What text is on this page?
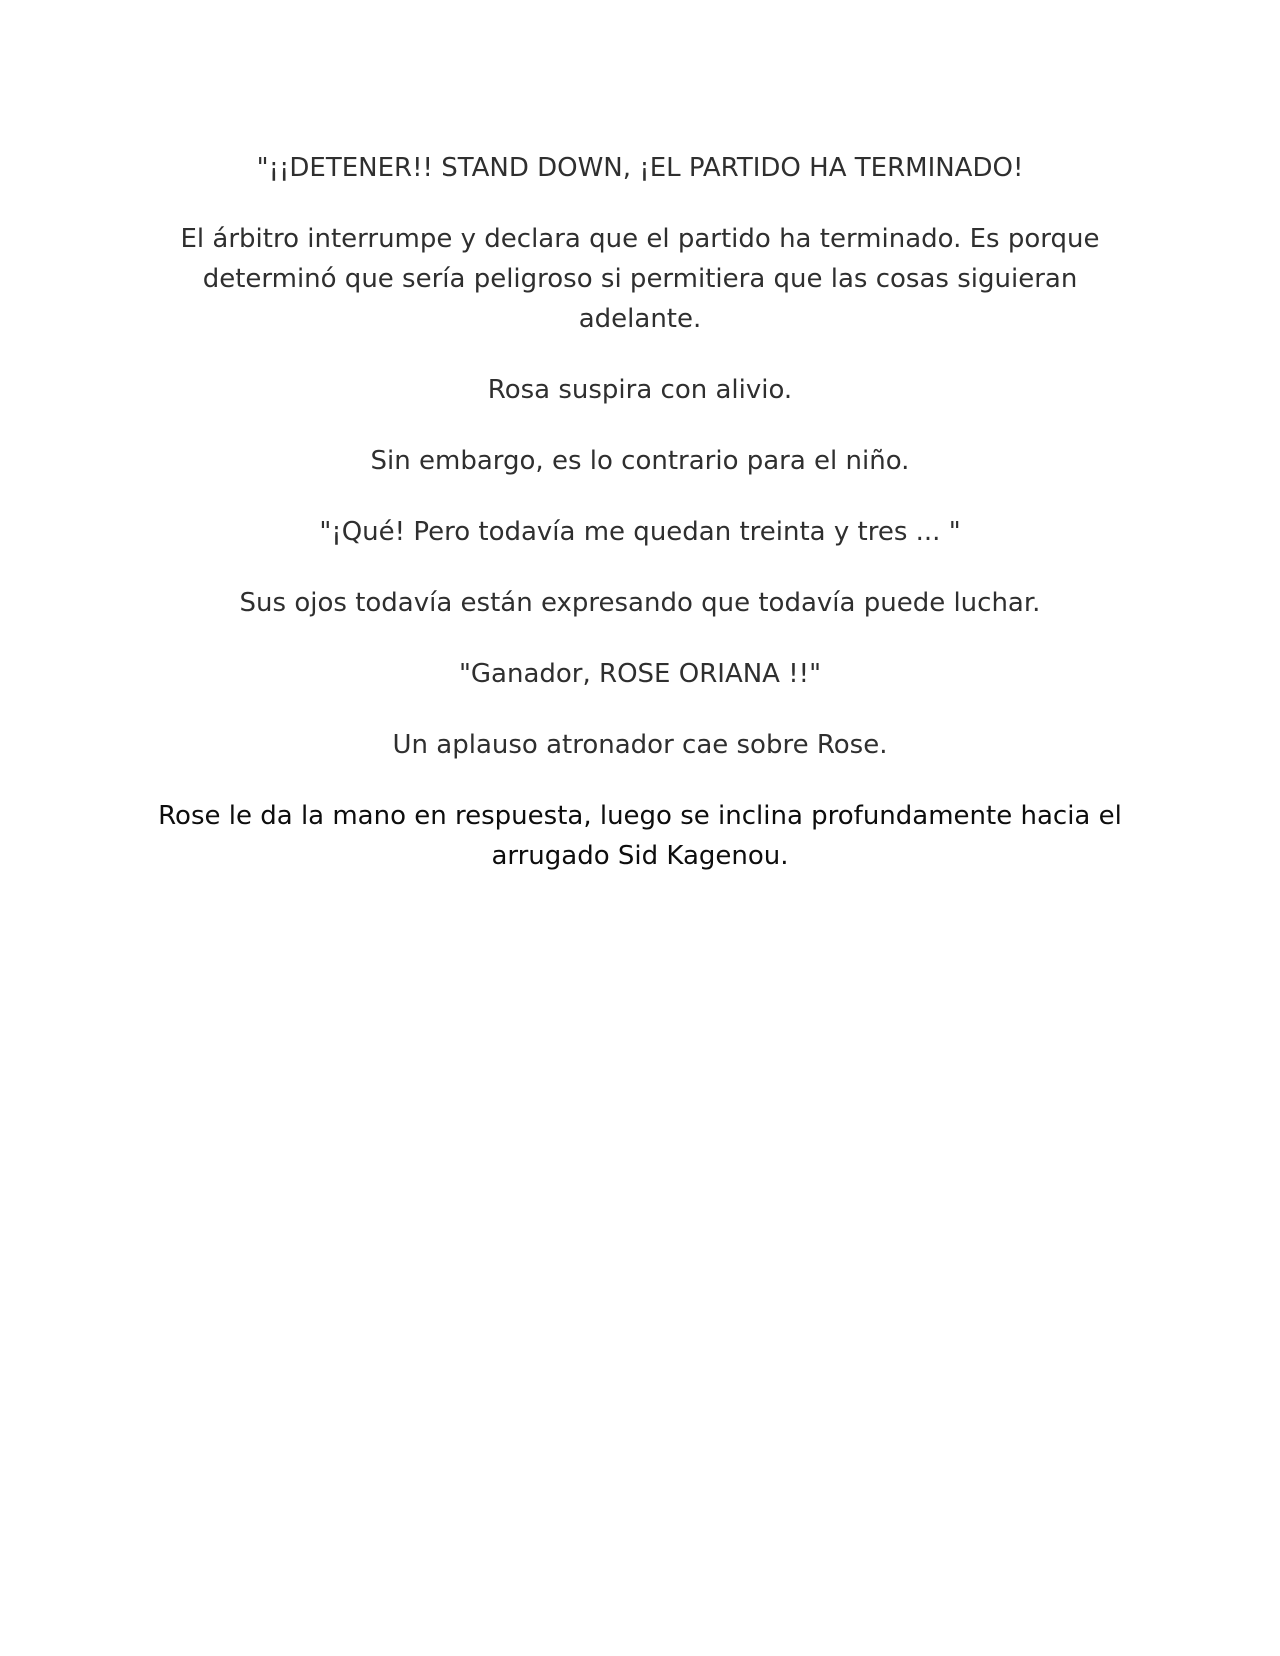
"¡¡DETENER!! STAND DOWN, ¡EL PARTIDO HA TERMINADO!

El árbitro interrumpe y declara que el partido ha terminado. Es porque determinó que sería peligroso si permitiera que las cosas siguieran adelante.

Rosa suspira con alivio.

Sin embargo, es lo contrario para el niño.

"¡Qué! Pero todavía me quedan treinta y tres ... "

Sus ojos todavía están expresando que todavía puede luchar.

"Ganador, ROSE ORIANA !!"

Un aplauso atronador cae sobre Rose.

Rose le da la mano en respuesta, luego se inclina profundamente hacia el arrugado Sid Kagenou.
